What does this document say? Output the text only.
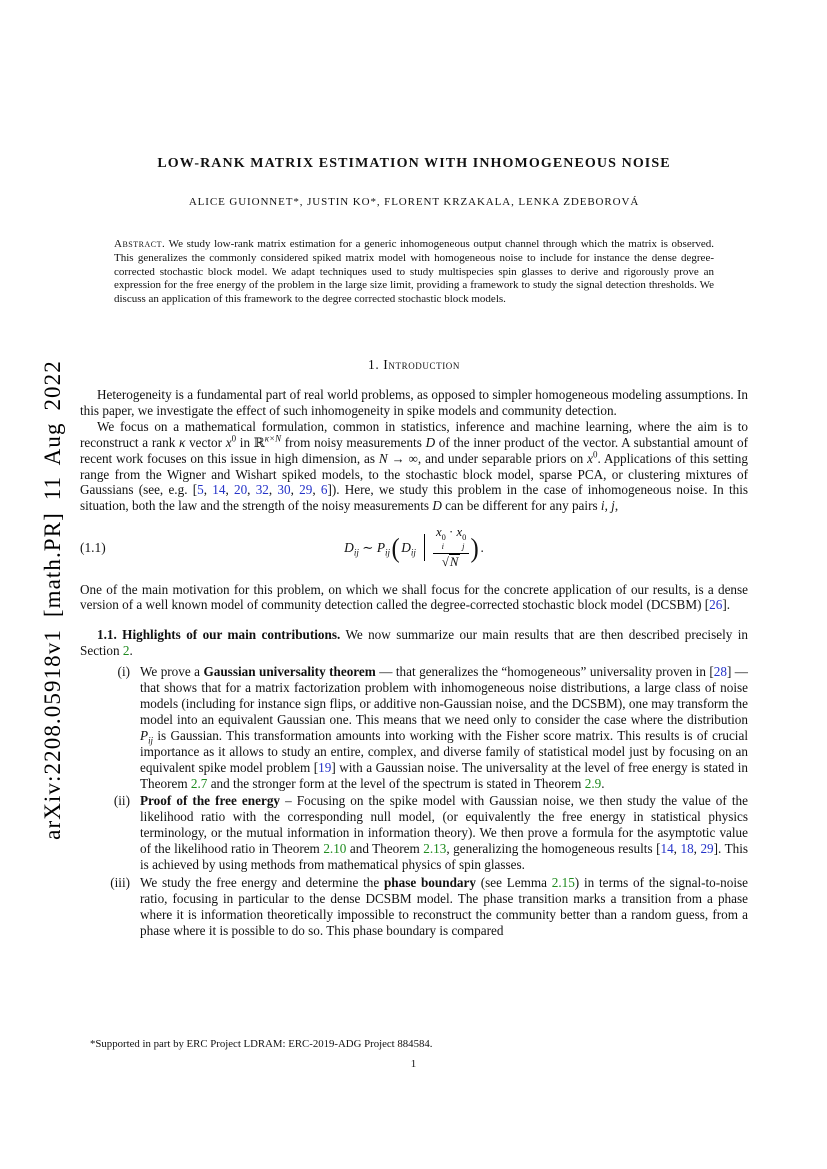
arXiv:2208.05918v1 [math.PR] 11 Aug 2022
LOW-RANK MATRIX ESTIMATION WITH INHOMOGENEOUS NOISE
ALICE GUIONNET*, JUSTIN KO*, FLORENT KRZAKALA, LENKA ZDEBOROVÁ
Abstract. We study low-rank matrix estimation for a generic inhomogeneous output channel through which the matrix is observed. This generalizes the commonly considered spiked matrix model with homogeneous noise to include for instance the dense degree-corrected stochastic block model. We adapt techniques used to study multispecies spin glasses to derive and rigorously prove an expression for the free energy of the problem in the large size limit, providing a framework to study the signal detection thresholds. We discuss an application of this framework to the degree corrected stochastic block models.
1. Introduction

Heterogeneity is a fundamental part of real world problems, as opposed to simpler homogeneous modeling assumptions. In this paper, we investigate the effect of such inhomogeneity in spike models and community detection.

We focus on a mathematical formulation, common in statistics, inference and machine learning, where the aim is to reconstruct a rank κ vector $x^0$ in ℝ$^{\kappa\times N}$ from noisy measurements D of the inner product of the vector. A substantial amount of recent work focuses on this issue in high dimension, as N → ∞, and under separable priors on $x^0$. Applications of this setting range from the Wigner and Wishart spiked models, to the stochastic block model, sparse PCA, or clustering mixtures of Gaussians (see, e.g. [5, 14, 20, 32, 30, 29, 6]). Here, we study this problem in the case of inhomogeneous noise. In this situation, both the law and the strength of the noisy measurements D can be different for any pairs i, j,

(1.1)	$D_{ij}$ ∼ $P_{ij}$ ( $D_{ij}$ x 0
i
· x 0
j
√N ) .

One of the main motivation for this problem, on which we shall focus for the concrete application of our results, is a dense version of a well known model of community detection called the degree-corrected stochastic block model (DCSBM) [26].

1.1. Highlights of our main contributions. We now summarize our main results that are then described precisely in Section 2.

(i) We prove a Gaussian universality theorem — that generalizes the “homogeneous” universality proven in [28] — that shows that for a matrix factorization problem with inhomogeneous noise distributions, a large class of noise models (including for instance sign flips, or additive non-Gaussian noise, and the DCSBM), one may transform the model into an equivalent Gaussian one. This means that we need only to consider the case where the distribution $P_{ij}$ is Gaussian. This transformation amounts into working with the Fisher score matrix. This results is of crucial importance as it allows to study an entire, complex, and diverse family of statistical model just by focusing on an equivalent spike model problem [19] with a Gaussian noise. The universality at the level of free energy is stated in Theorem 2.7 and the stronger form at the level of the spectrum is stated in Theorem 2.9.
(ii) Proof of the free energy – Focusing on the spike model with Gaussian noise, we then study the value of the likelihood ratio with the corresponding null model, (or equivalently the free energy in statistical physics terminology, or the mutual information in information theory). We then prove a formula for the asymptotic value of the likelihood ratio in Theorem 2.10 and Theorem 2.13, generalizing the homogeneous results [14, 18, 29]. This is achieved by using methods from mathematical physics of spin glasses.
(iii) We study the free energy and determine the phase boundary (see Lemma 2.15) in terms of the signal-to-noise ratio, focusing in particular to the dense DCSBM model. The phase transition marks a transition from a phase where it is information theoretically impossible to reconstruct the community better than a random guess, from a phase where it is possible to do so. This phase boundary is compared
*Supported in part by ERC Project LDRAM: ERC-2019-ADG Project 884584.
1
